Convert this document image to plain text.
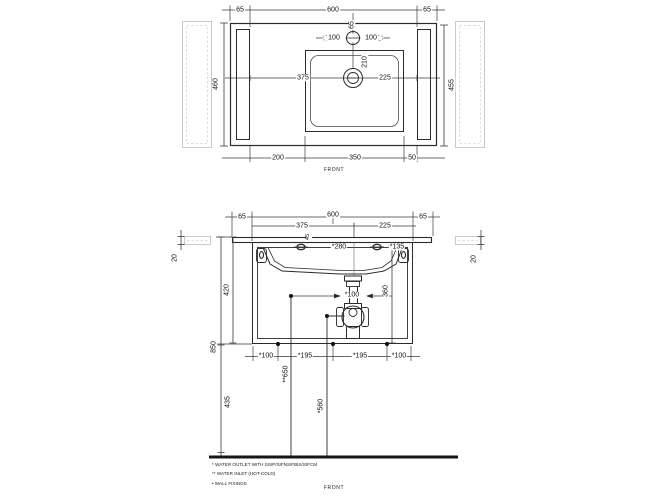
65	600	65
65
100	100
460	455
375	225
210
200	350	50
FRONT
65	600	65
375	225
45
*280	*135
20	20
420
850
435
360
*100
**650
*560
*100	*195	*195	*100
FRONT
* WATER OUTLET WITH SISP/SIFNS/FBIS/SIFCM
** WATER INLET (HOT-COLD)
• WALL FIXINGS
